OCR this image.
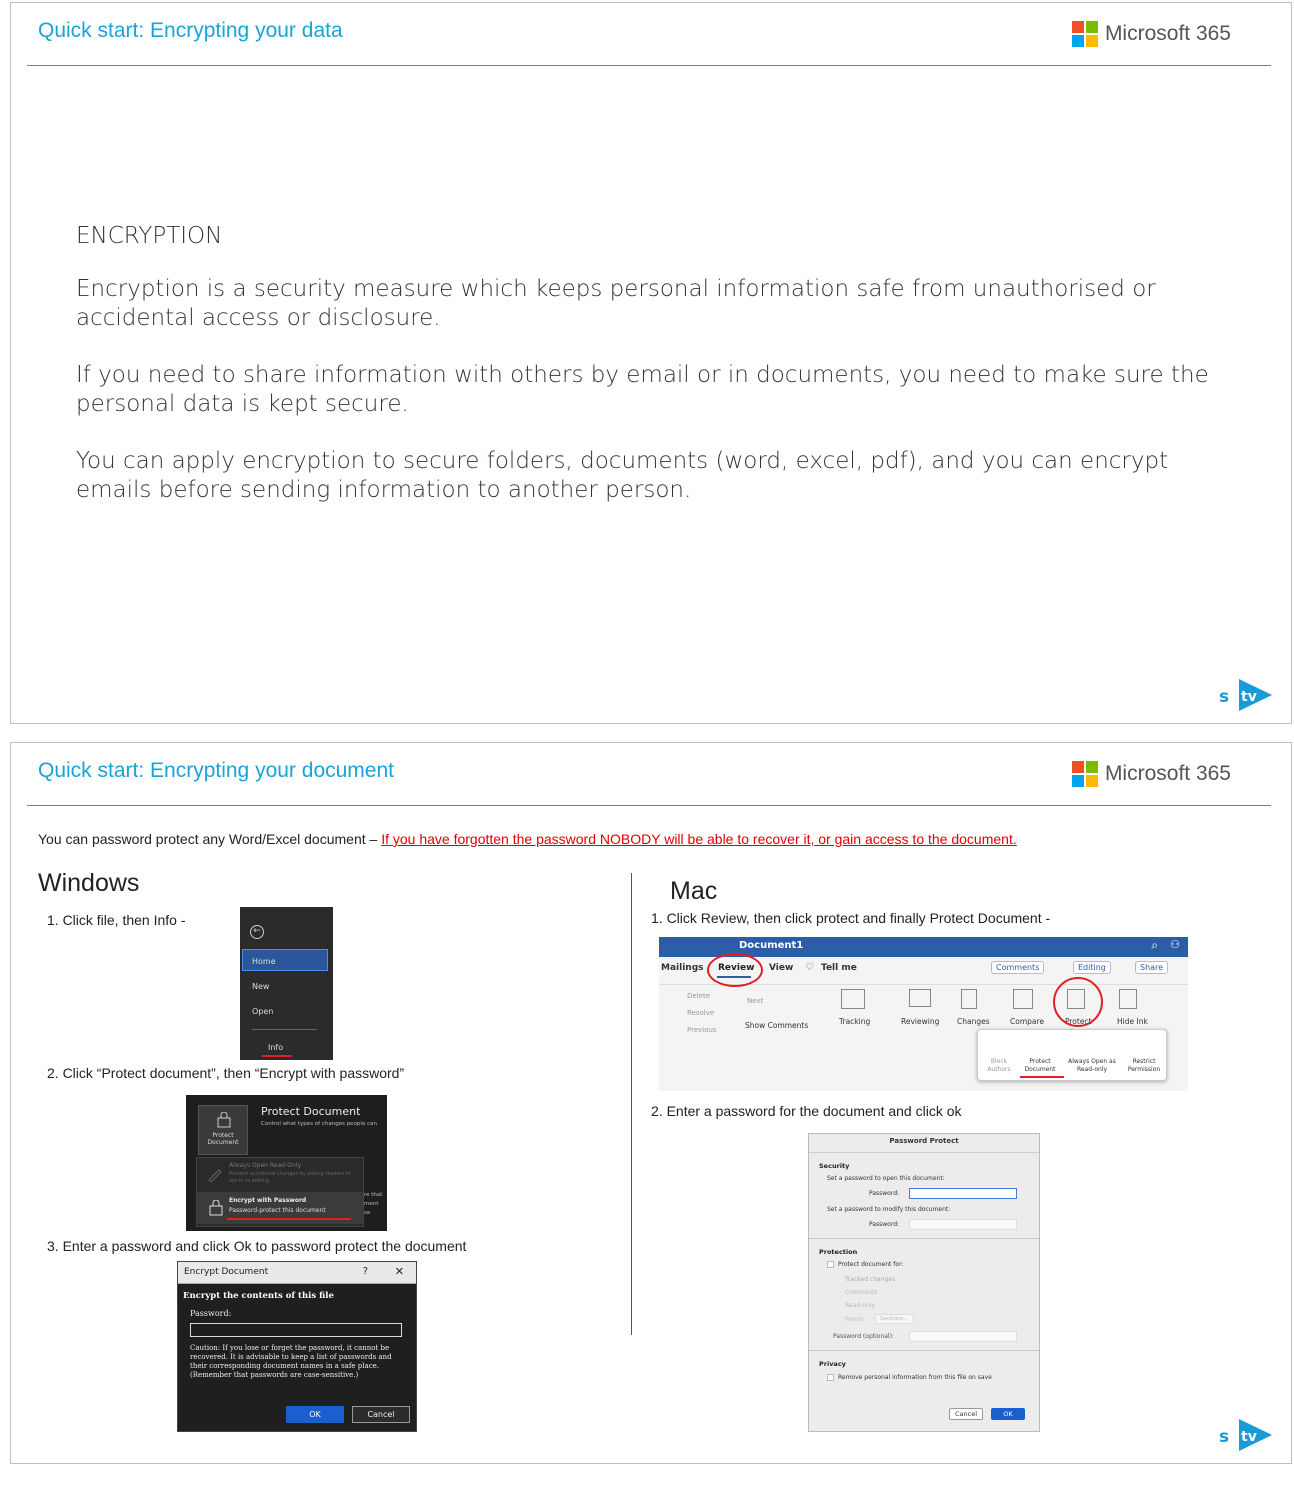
Quick start: Encrypting your data	Microsoft 365
ENCRYPTION

Encryption is a security measure which keeps personal information safe from unauthorised or accidental access or disclosure.

If you need to share information with others by email or in documents, you need to make sure the personal data is kept secure.

You can apply encryption to secure folders, documents (word, excel, pdf), and you can encrypt emails before sending information to another person.

s tv
Quick start: Encrypting your document	Microsoft 365
You can password protect any Word/Excel document – If you have forgotten the password NOBODY will be able to recover it, or gain access to the document.
Windows
1. Click file, then Info -
←
Home
New
Open
Info
2. Click “Protect document”, then “Encrypt with password”
Protect Document
Protect Document
Control what types of changes people can
Always Open Read-Only
Prevent accidental changes by asking readers to opt-in to editing.
Encrypt with Password
Password-protect this document
re that ment se
3. Enter a password and click Ok to password protect the document
Encrypt Document	? ✕
Encrypt the contents of this file
Password:
Caution: If you lose or forget the password, it cannot be recovered. It is advisable to keep a list of passwords and their corresponding document names in a safe place. (Remember that passwords are case-sensitive.)
OK	Cancel
Mac
1. Click Review, then click protect and finally Protect Document -
Document1	⌕ ⚇
Mailings Review View ♡ Tell me	Comments	Editing	Share
Delete
Resolve
Previous
Next
Show Comments	Tracking	Reviewing Changes	Compare	Protect	Hide Ink
Block Authors
Protect Document
Always Open as Read-only
Restrict Permission
2. Enter a password for the document and click ok
Password Protect
Security
Set a password to open this document:
Password:
Set a password to modify this document:
Password:
Protection
Protect document for:
Tracked changes
Comments
Read-only
Forms:	Sections...
Password (optional):
Privacy
Remove personal information from this file on save
Cancel	OK
s tv
